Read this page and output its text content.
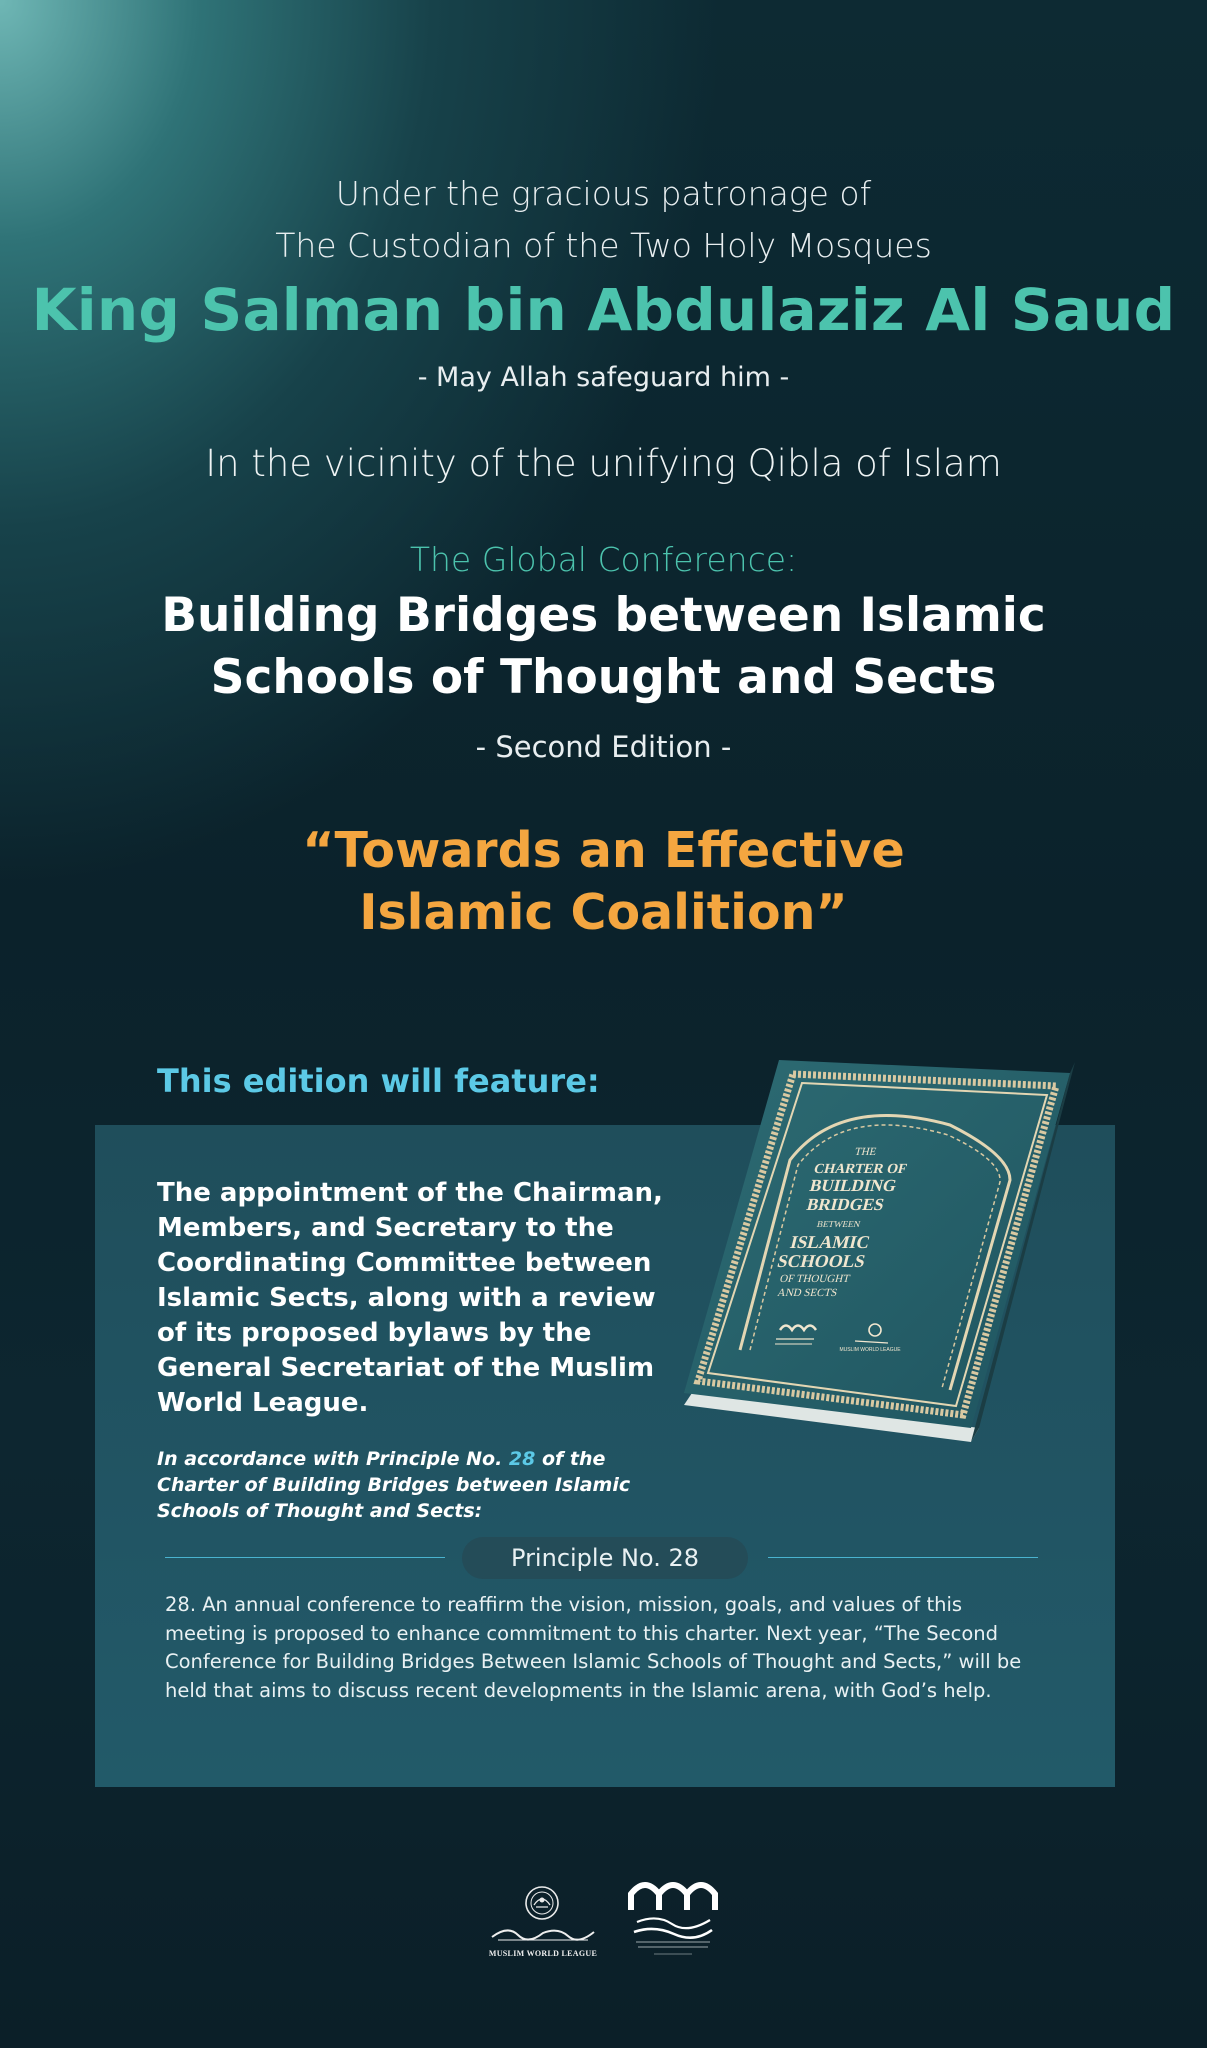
Under the gracious patronage of
The Custodian of the Two Holy Mosques
King Salman bin Abdulaziz Al Saud
- May Allah safeguard him -
In the vicinity of the unifying Qibla of Islam
The Global Conference:
Building Bridges between Islamic
Schools of Thought and Sects
- Second Edition -
“Towards an Effective
Islamic Coalition”
This edition will feature:
The appointment of the Chairman, Members, and Secretary to the Coordinating Committee between Islamic Sects, along with a review of its proposed bylaws by the General Secretariat of the Muslim World League.
In accordance with Principle No. 28 of the Charter of Building Bridges between Islamic Schools of Thought and Sects:
Principle No. 28
28. An annual conference to reaffirm the vision, mission, goals, and values of this meeting is proposed to enhance commitment to this charter. Next year, “The Second Conference for Building Bridges Between Islamic Schools of Thought and Sects,” will be held that aims to discuss recent developments in the Islamic arena, with God’s help.
THE
CHARTER OF
BUILDING
BRIDGES
BETWEEN
ISLAMIC
SCHOOLS
OF THOUGHT
AND SECTS
MUSLIM WORLD LEAGUE
MUSLIM WORLD LEAGUE
